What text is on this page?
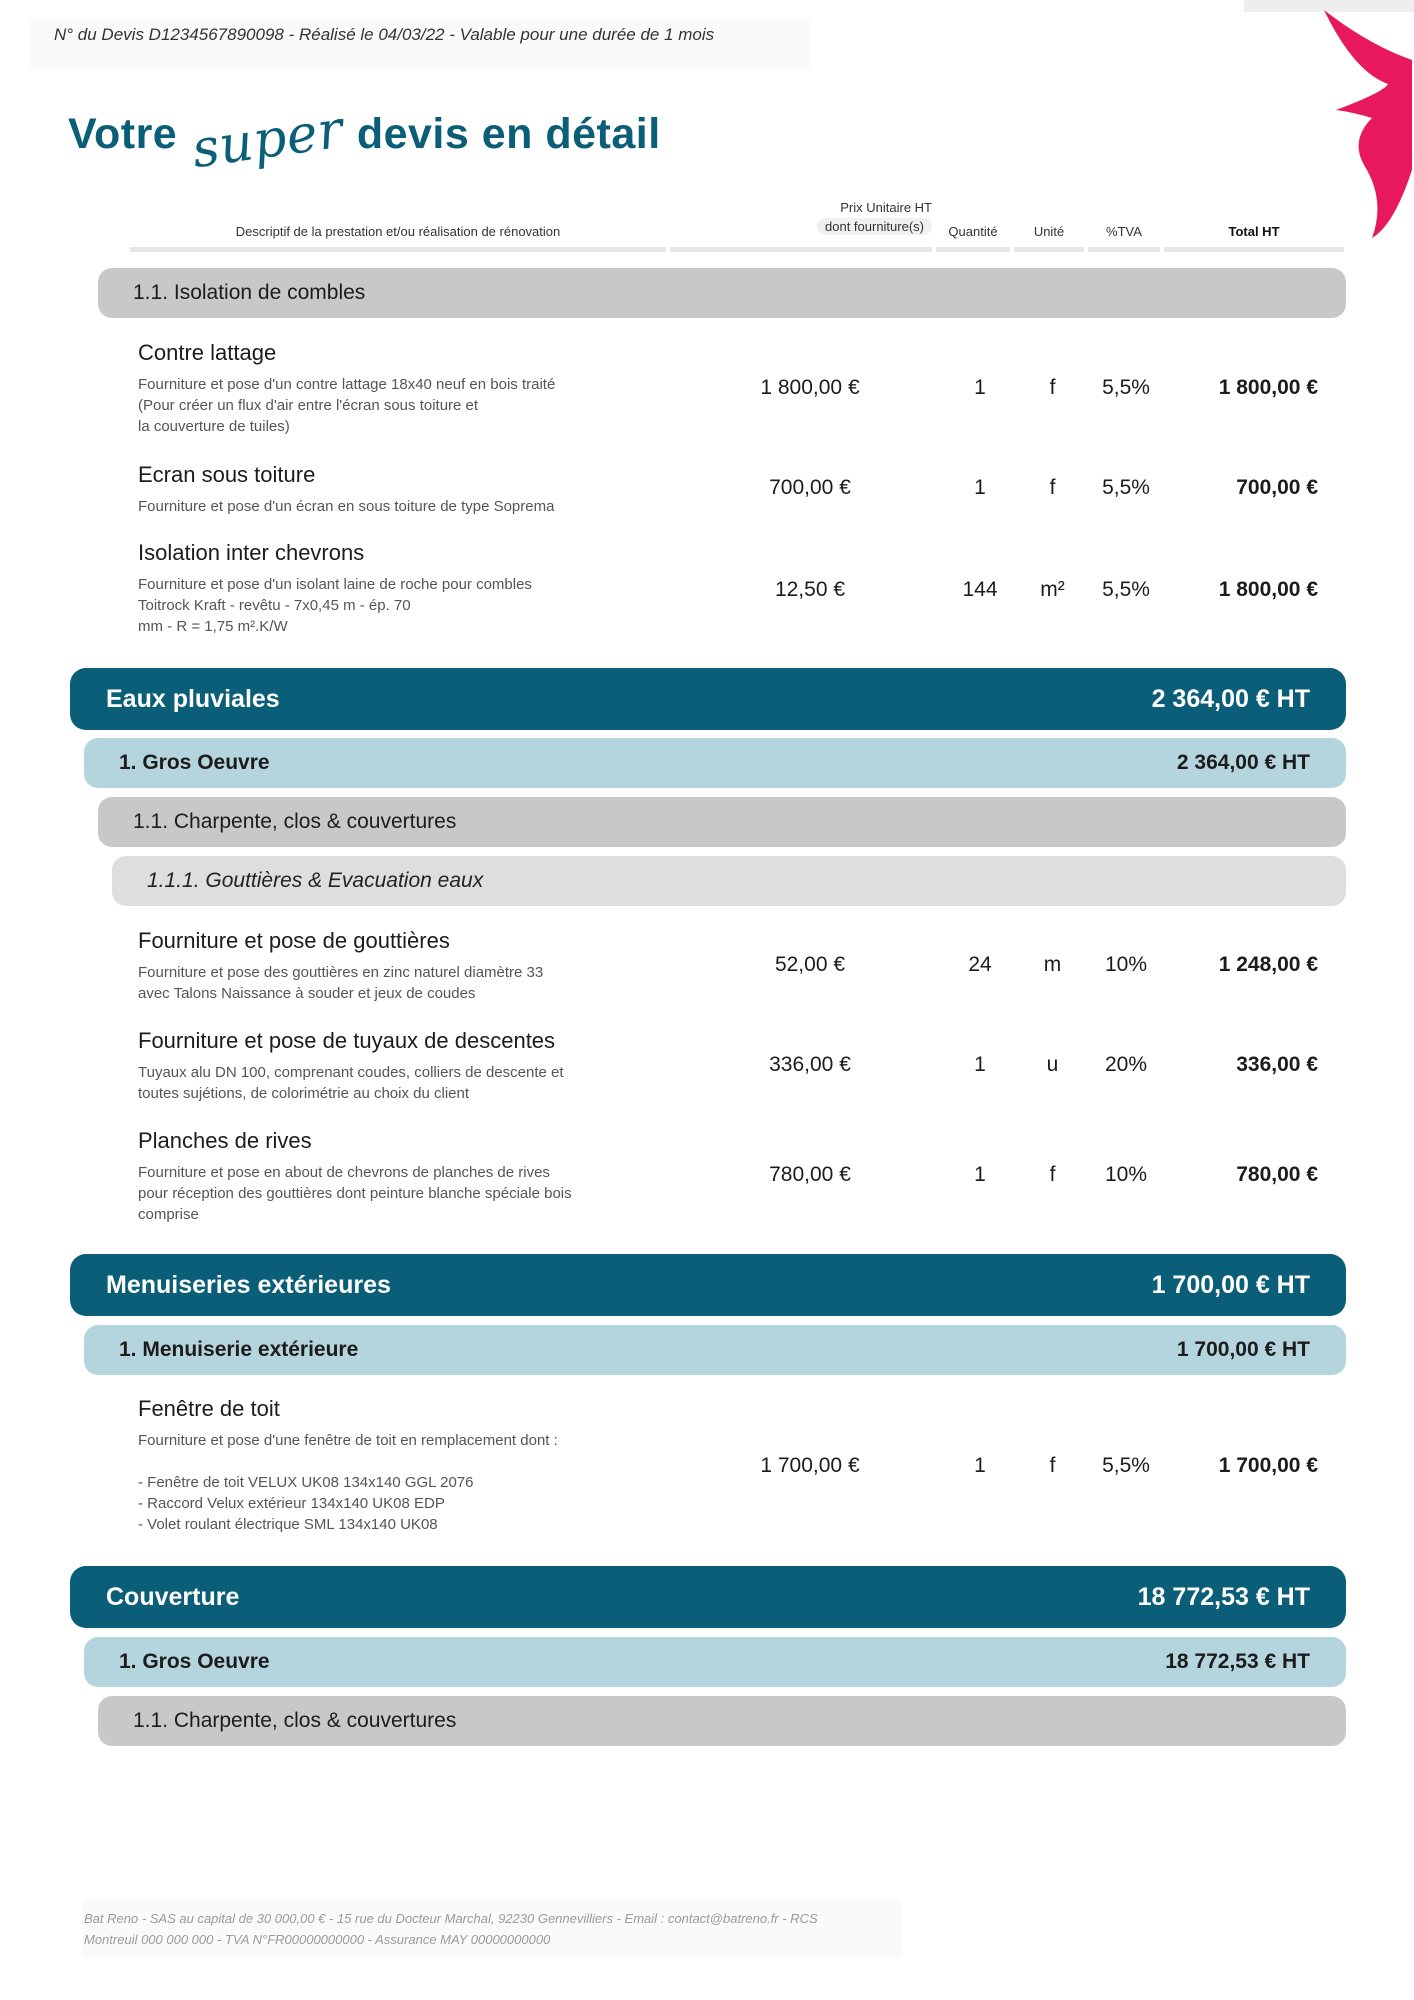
N° du Devis D1234567890098 - Réalisé le 04/03/22 - Valable pour une durée de 1 mois
Votre super devis en détail
Descriptif de la prestation et/ou réalisation de rénovation
Prix Unitaire HT
dont fourniture(s)	Quantité	Unité	%TVA	Total HT
1.1. Isolation de combles
Contre lattage
Fourniture et pose d'un contre lattage 18x40 neuf en bois traité
(Pour créer un flux d'air entre l'écran sous toiture et
la couverture de tuiles)
1 800,00 €	1	f	5,5%	1 800,00 €
Ecran sous toiture
Fourniture et pose d'un écran en sous toiture de type Soprema
700,00 €	1	f	5,5%	700,00 €
Isolation inter chevrons
Fourniture et pose d'un isolant laine de roche pour combles
Toitrock Kraft - revêtu - 7x0,45 m - ép. 70
mm - R = 1,75 m².K/W
12,50 €	144	m²	5,5%	1 800,00 €
Eaux pluviales	2 364,00 € HT
1. Gros Oeuvre	2 364,00 € HT
1.1. Charpente, clos & couvertures
1.1.1. Gouttières & Evacuation eaux
Fourniture et pose de gouttières
Fourniture et pose des gouttières en zinc naturel diamètre 33
avec Talons Naissance à souder et jeux de coudes
52,00 €	24	m	10%	1 248,00 €
Fourniture et pose de tuyaux de descentes
Tuyaux alu DN 100, comprenant coudes, colliers de descente et
toutes sujétions, de colorimétrie au choix du client
336,00 €	1	u	20%	336,00 €
Planches de rives
Fourniture et pose en about de chevrons de planches de rives
pour réception des gouttières dont peinture blanche spéciale bois
comprise
780,00 €	1	f	10%	780,00 €
Menuiseries extérieures	1 700,00 € HT
1. Menuiserie extérieure	1 700,00 € HT
Fenêtre de toit
Fourniture et pose d'une fenêtre de toit en remplacement dont :
- Fenêtre de toit VELUX UK08 134x140 GGL 2076
- Raccord Velux extérieur 134x140 UK08 EDP
- Volet roulant électrique SML 134x140 UK08
1 700,00 €	1	f	5,5%	1 700,00 €
Couverture	18 772,53 € HT
1. Gros Oeuvre	18 772,53 € HT
1.1. Charpente, clos & couvertures
Bat Reno - SAS au capital de 30 000,00 € - 15 rue du Docteur Marchal, 92230 Gennevilliers - Email : contact@batreno.fr - RCS
Montreuil 000 000 000 - TVA N°FR00000000000 - Assurance MAY 00000000000
